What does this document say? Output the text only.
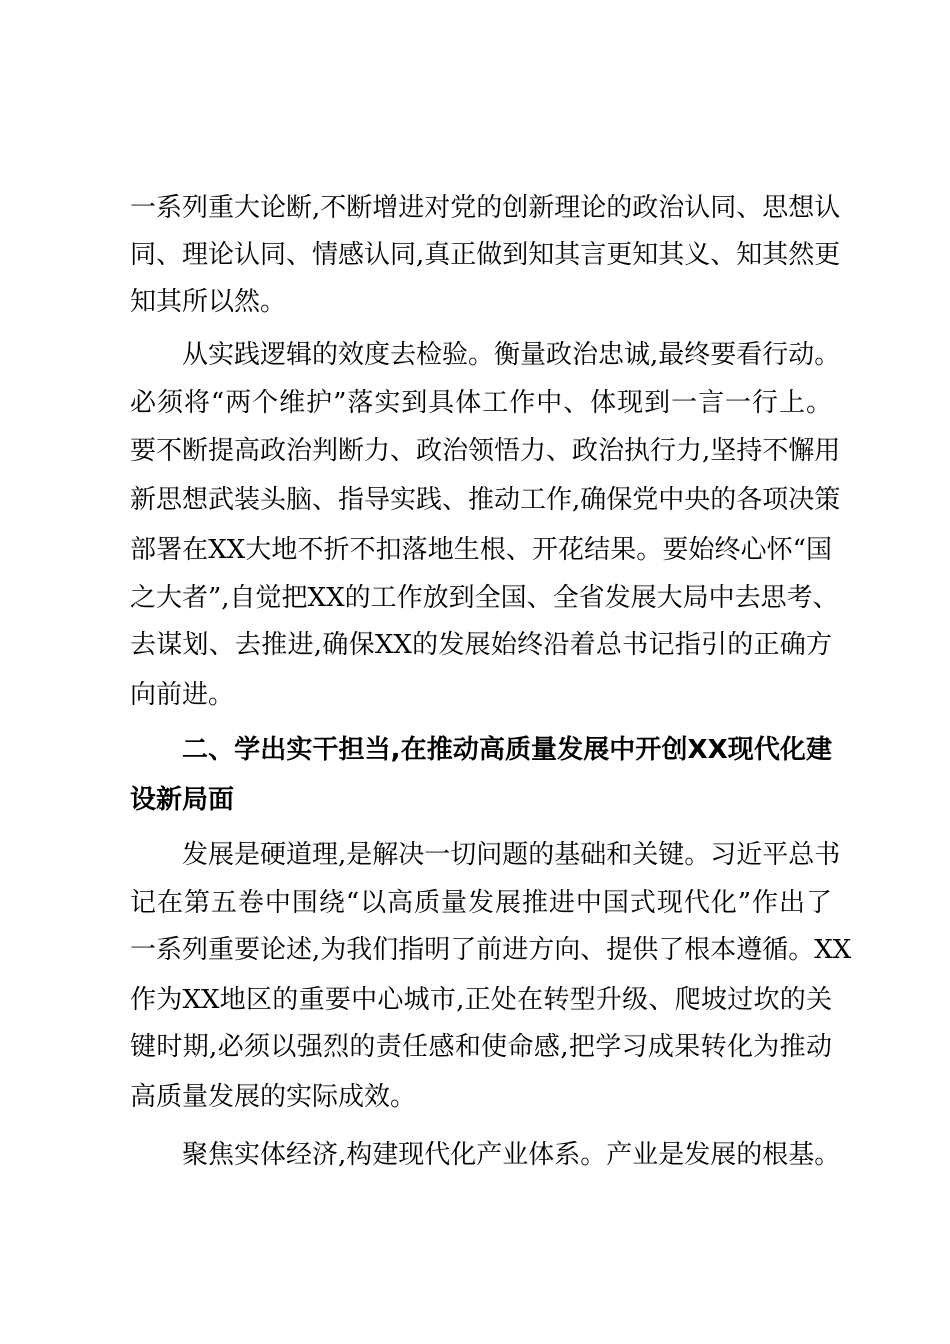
一系列重大论断,不断增进对党的创新理论的政治认同、思想认
同、理论认同、情感认同,真正做到知其言更知其义、知其然更
知其所以然。
从实践逻辑的效度去检验。衡量政治忠诚,最终要看行动。
必须将“两个维护”落实到具体工作中、体现到一言一行上。
要不断提高政治判断力、政治领悟力、政治执行力,坚持不懈用
新思想武装头脑、指导实践、推动工作,确保党中央的各项决策
部署在XX大地不折不扣落地生根、开花结果。要始终心怀“国
之大者”,自觉把XX的工作放到全国、全省发展大局中去思考、
去谋划、去推进,确保XX的发展始终沿着总书记指引的正确方
向前进。
二、学出实干担当,在推动高质量发展中开创XX现代化建
设新局面
发展是硬道理,是解决一切问题的基础和关键。习近平总书
记在第五卷中围绕“以高质量发展推进中国式现代化”作出了
一系列重要论述,为我们指明了前进方向、提供了根本遵循。XX
作为XX地区的重要中心城市,正处在转型升级、爬坡过坎的关
键时期,必须以强烈的责任感和使命感,把学习成果转化为推动
高质量发展的实际成效。
聚焦实体经济,构建现代化产业体系。产业是发展的根基。
